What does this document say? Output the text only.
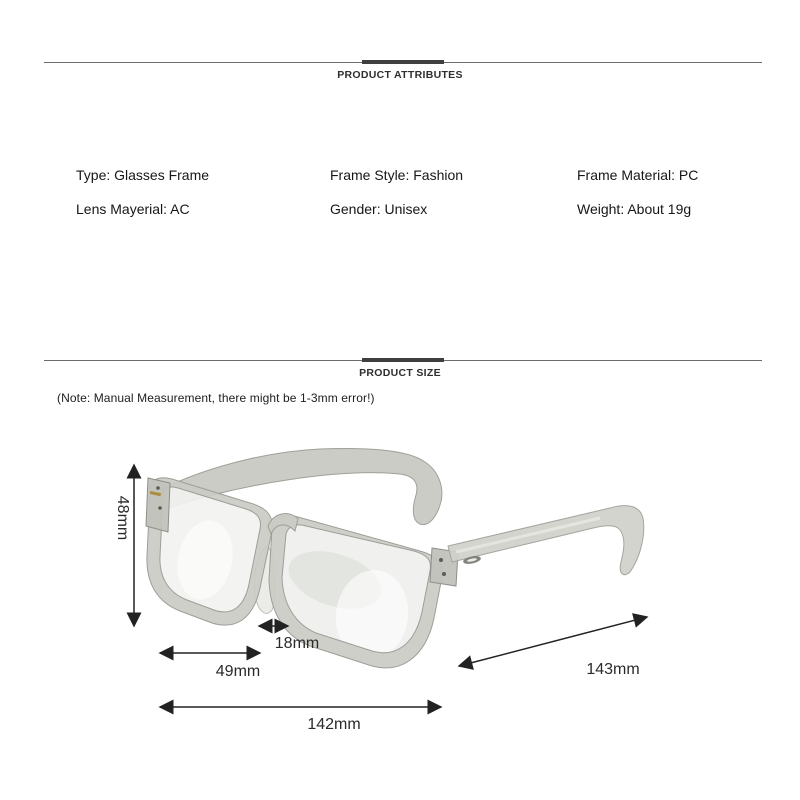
PRODUCT ATTRIBUTES
Type: Glasses Frame	Frame Style: Fashion	Frame Material: PC
Lens Mayerial: AC	Gender: Unisex	Weight: About 19g
PRODUCT SIZE
(Note: Manual Measurement, there might be 1-3mm error!)
48mm
18mm
49mm
142mm
143mm
